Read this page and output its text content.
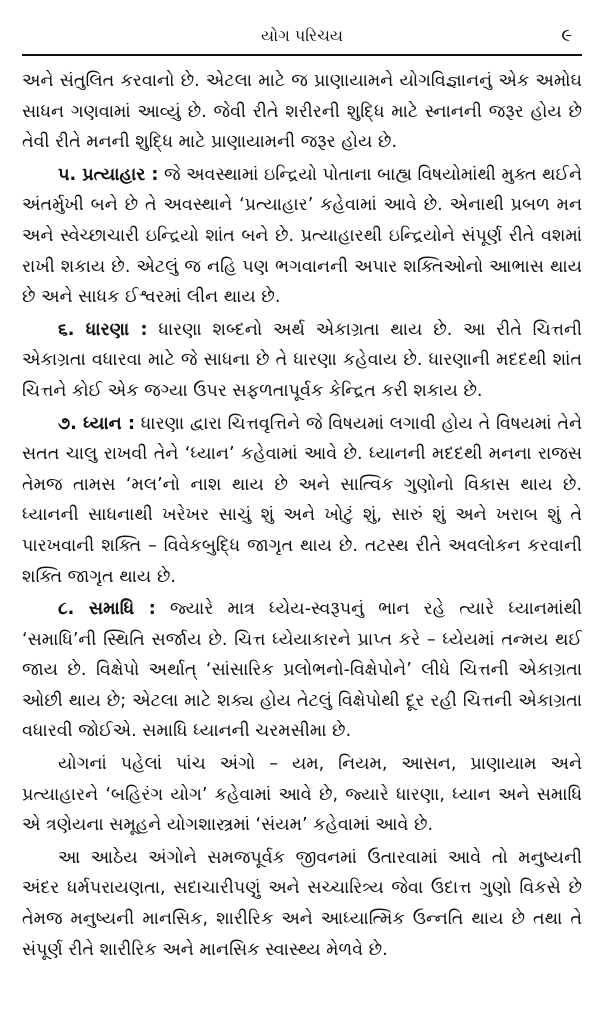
યોગ પરિચય	૯

અને સંતુલિત કરવાનો છે. એટલા માટે જ પ્રાણાયામને યોગવિજ્ઞાનનું એક અમોઘ સાધન ગણવામાં આવ્યું છે. જેવી રીતે શરીરની શુદ્ધિ માટે સ્નાનની જરૂર હોય છે તેવી રીતે મનની શુદ્ધિ માટે પ્રાણાયામની જરૂર હોય છે.

૫. પ્રત્યાહાર : જે અવસ્થામાં ઇન્દ્રિયો પોતાના બાહ્ય વિષયોમાંથી મુક્ત થઈને અંતર્મુખી બને છે તે અવસ્થાને ‘પ્રત્યાહાર’ કહેવામાં આવે છે. એનાથી પ્રબળ મન અને સ્વેચ્છાચારી ઇન્દ્રિયો શાંત બને છે. પ્રત્યાહારથી ઇન્દ્રિયોને સંપૂર્ણ રીતે વશમાં રાખી શકાય છે. એટલું જ નહિ પણ ભગવાનની અપાર શક્તિઓનો આભાસ થાય છે અને સાધક ઈશ્વરમાં લીન થાય છે.

૬. ધારણા : ધારણા શબ્દનો અર્થ એકાગ્રતા થાય છે. આ રીતે ચિત્તની એકાગ્રતા વધારવા માટે જે સાધના છે તે ધારણા કહેવાય છે. ધારણાની મદદથી શાંત ચિત્તને કોઈ એક જગ્યા ઉપર સફળતાપૂર્વક કેન્દ્રિત કરી શકાય છે.

૭. ધ્યાન : ધારણા દ્વારા ચિત્તવૃત્તિને જે વિષયમાં લગાવી હોય તે વિષયમાં તેને સતત ચાલુ રાખવી તેને ‘ધ્યાન’ કહેવામાં આવે છે. ધ્યાનની મદદથી મનના રાજસ તેમજ તામસ ‘મલ’નો નાશ થાય છે અને સાત્વિક ગુણોનો વિકાસ થાય છે. ધ્યાનની સાધનાથી ખરેખર સાચું શું અને ખોટું શું, સારું શું અને ખરાબ શું તે પારખવાની શક્તિ – વિવેકબુદ્ધિ જાગૃત થાય છે. તટસ્થ રીતે અવલોકન કરવાની શક્તિ જાગૃત થાય છે.

૮. સમાધિ : જ્યારે માત્ર ધ્યેય-સ્વરૂપનું ભાન રહે ત્યારે ધ્યાનમાંથી ‘સમાધિ’ની સ્થિતિ સર્જાય છે. ચિત્ત ધ્યેયાકારને પ્રાપ્ત કરે – ધ્યેયમાં તન્મય થઈ જાય છે. વિક્ષેપો અર્થાત્ ‘સાંસારિક પ્રલોભનો-વિક્ષેપોને’ લીધે ચિત્તની એકાગ્રતા ઓછી થાય છે; એટલા માટે શક્ય હોય તેટલું વિક્ષેપોથી દૂર રહી ચિત્તની એકાગ્રતા વધારવી જોઈએ. સમાધિ ધ્યાનની ચરમસીમા છે.

યોગનાં પહેલાં પાંચ અંગો – યમ, નિયમ, આસન, પ્રાણાયામ અને પ્રત્યાહારને ‘બહિરંગ યોગ’ કહેવામાં આવે છે, જ્યારે ધારણા, ધ્યાન અને સમાધિ એ ત્રણેયના સમૂહને યોગશાસ્ત્રમાં ‘સંયમ’ કહેવામાં આવે છે.

આ આઠેય અંગોને સમજપૂર્વક જીવનમાં ઉતારવામાં આવે તો મનુષ્યની અંદર ધર્મપરાયણતા, સદાચારીપણું અને સચ્ચારિત્ર્ય જેવા ઉદાત્ત ગુણો વિકસે છે તેમજ મનુષ્યની માનસિક, શારીરિક અને આધ્યાત્મિક ઉન્નતિ થાય છે તથા તે સંપૂર્ણ રીતે શારીરિક અને માનસિક સ્વાસ્થ્ય મેળવે છે.
